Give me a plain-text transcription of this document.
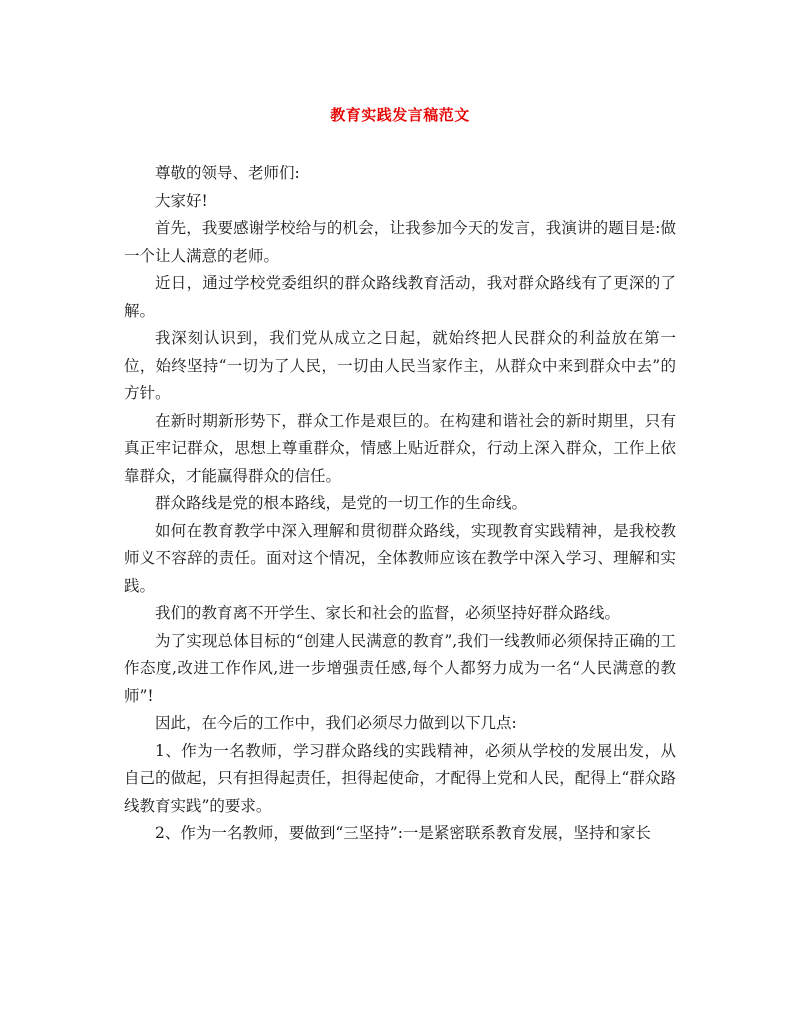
教育实践发言稿范文

尊敬的领导、老师们:

大家好!

首先，我要感谢学校给与的机会，让我参加今天的发言，我演讲的题目是:做一个让人满意的老师。

近日，通过学校党委组织的群众路线教育活动，我对群众路线有了更深的了解。

我深刻认识到，我们党从成立之日起，就始终把人民群众的利益放在第一位，始终坚持“一切为了人民，一切由人民当家作主，从群众中来到群众中去”的方针。

在新时期新形势下，群众工作是艰巨的。在构建和谐社会的新时期里，只有真正牢记群众，思想上尊重群众，情感上贴近群众，行动上深入群众，工作上依靠群众，才能赢得群众的信任。

群众路线是党的根本路线，是党的一切工作的生命线。

如何在教育教学中深入理解和贯彻群众路线，实现教育实践精神，是我校教师义不容辞的责任。面对这个情况，全体教师应该在教学中深入学习、理解和实践。

我们的教育离不开学生、家长和社会的监督，必须坚持好群众路线。

为了实现总体目标的“创建人民满意的教育”,我们一线教师必须保持正确的工作态度,改进工作作风,进一步增强责任感,每个人都努力成为一名“人民满意的教师”!

因此，在今后的工作中，我们必须尽力做到以下几点:

1、作为一名教师，学习群众路线的实践精神，必须从学校的发展出发，从自己的做起，只有担得起责任，担得起使命，才配得上党和人民，配得上“群众路线教育实践”的要求。

2、作为一名教师，要做到“三坚持”:一是紧密联系教育发展，坚持和家长
